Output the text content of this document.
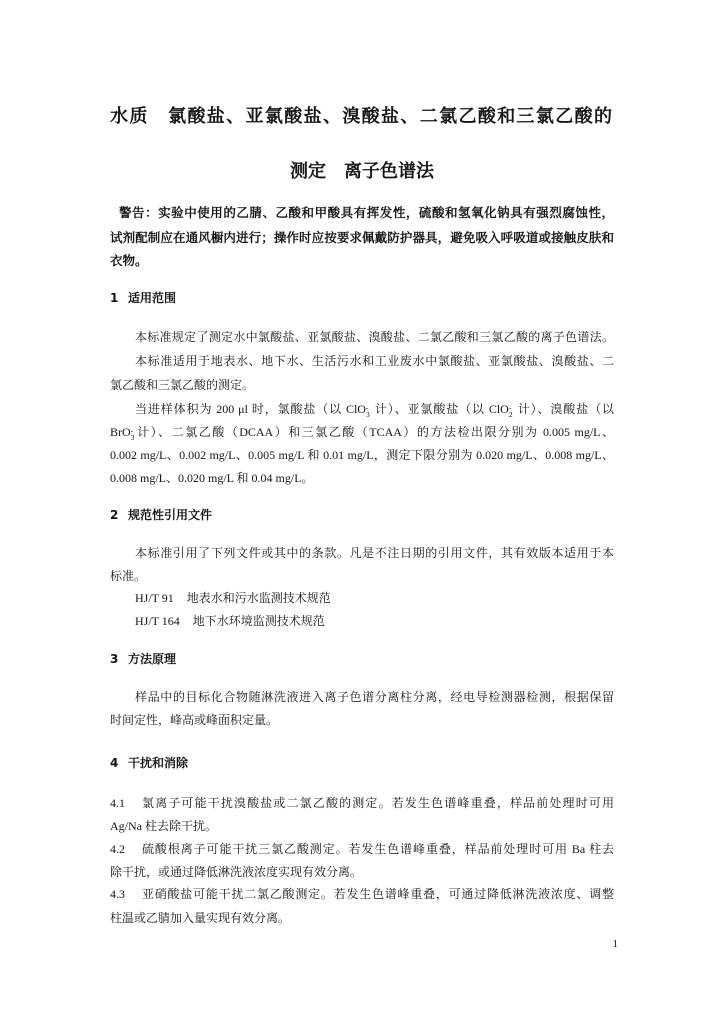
水质　氯酸盐、亚氯酸盐、溴酸盐、二氯乙酸和三氯乙酸的
测定　离子色谱法
警告：实验中使用的乙腈、乙酸和甲酸具有挥发性，硫酸和氢氧化钠具有强烈腐蚀性，
试剂配制应在通风橱内进行；操作时应按要求佩戴防护器具，避免吸入呼吸道或接触皮肤和
衣物。
1 适用范围
本标准规定了测定水中氯酸盐、亚氯酸盐、溴酸盐、二氯乙酸和三氯乙酸的离子色谱法。
本标准适用于地表水、地下水、生活污水和工业废水中氯酸盐、亚氯酸盐、溴酸盐、二
氯乙酸和三氯乙酸的测定。
当进样体积为 200 μl 时，氯酸盐（以 ClO -
3 计）、亚氯酸盐（以 ClO -
2 计）、溴酸盐（以
BrO -
3 计）、二氯乙酸（DCAA）和三氯乙酸（TCAA）的方法检出限分别为 0.005 mg/L、
0.002 mg/L、0.002 mg/L、0.005 mg/L 和 0.01 mg/L，测定下限分别为 0.020 mg/L、0.008 mg/L、
0.008 mg/L、0.020 mg/L 和 0.04 mg/L。
2 规范性引用文件
本标准引用了下列文件或其中的条款。凡是不注日期的引用文件，其有效版本适用于本
标准。
HJ/T 91 地表水和污水监测技术规范
HJ/T 164 地下水环境监测技术规范
3 方法原理
样品中的目标化合物随淋洗液进入离子色谱分离柱分离，经电导检测器检测，根据保留
时间定性，峰高或峰面积定量。
4 干扰和消除
4.1	氯离子可能干扰溴酸盐或二氯乙酸的测定。若发生色谱峰重叠，样品前处理时可用
Ag/Na 柱去除干扰。
4.2	硫酸根离子可能干扰三氯乙酸测定。若发生色谱峰重叠，样品前处理时可用 Ba 柱去
除干扰，或通过降低淋洗液浓度实现有效分离。
4.3	亚硝酸盐可能干扰二氯乙酸测定。若发生色谱峰重叠，可通过降低淋洗液浓度、调整
柱温或乙腈加入量实现有效分离。
1
